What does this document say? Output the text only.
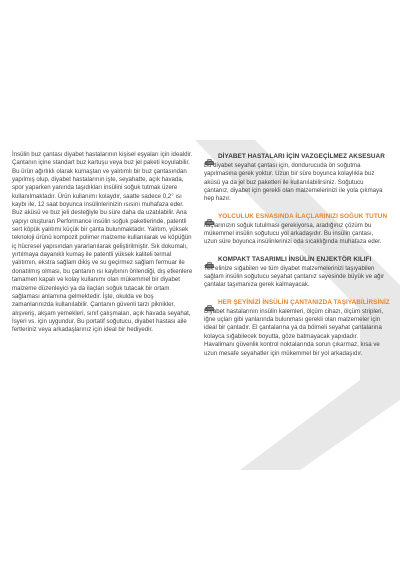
İnsülin buz çantası diyabet hastalarının kişisel eşyaları için idealdir. Çantanın içine standart buz kartuşu veya buz jel paketi koyulabilir. Bu ürün ağırlıklı olarak kumaştan ve yalıtımlı bir buz çantasından yapılmış olup, diyabet hastalarının işte, seyahatte, açık havada, spor yaparken yanında taşıdıkları insülini soğuk tutmak üzere kullanılmaktadır. Ürün kullanımı kolaydır, saatte sadece 0,2° ısı kaybı ile, 12 saat boyunca insülinlerinizin ısısını muhafaza eder. Buz aküsü ve buz jeli desteğiyle bu süre daha da uzatılabilir. Ana yapıyı oluşturan Performance insülin soğuk paketlerinde, patentli sert köpük yalıtımı küçük bir çanta bulunmaktadır. Yalıtım, yüksek teknoloji ürünü kompozit polimer malzeme kullanılarak ve köpüğün iç hücresel yapısından yararlanılarak geliştirilmiştir. Sık dokumalı, yırtılmaya dayanıklı kumaş ile patentli yüksek kaliteli termal yalıtımın, ekstra sağlam dikiş ve su geçirmez sağlam fermuar ile donatılmış olması, bu çantanın ısı kaybının önlendiği, dış etkenlere tamamen kapalı ve kolay kullanımı olan mükemmel bir diyabet malzeme düzenleyici ya da ilaçları soğuk tutacak bir ortam sağlaması anlamına gelmektedir. İşte, okulda ve boş zamanlarınızda kullanılabilir. Çantanın güvenli tarzı piknikler, alışveriş, akşam yemekleri, sınıf çalışmaları, açık havada seyahat, İsyeri vs. için uygundur. Bu portatif soğutucu, diyabet hastası aile fertleriniz veya arkadaşlarınız için ideal bir hediyedir.

DİYABET HASTALARI İÇİN VAZGEÇİLMEZ AKSESUAR

Bu diyabet seyahat çantası için, dondurucuda ön soğutma yapılmasına gerek yoktur. Uzun bir süre boyunca kolaylıkla buz aküsü ya da jel buz paketleri ile kullanılabilirsiniz. Soğutucu çantanız, diyabet için gerekli olan malzemelerinizi ile yola çıkmaya hep hazır.

YOLCULUK ESNASINDA İLAÇLARINIZI SOĞUK TUTUN

İlaçlarınızın soğuk tutulması gerekiyorsa, aradığınız çözüm bu mükemmel insülin soğutucu yol arkadaşıdır. Bu insülin çantası, uzun süre boyunca insülinlerinizi oda sıcaklığında muhafaza eder.

KOMPAKT TASARIMLI İNSÜLİN ENJEKTÖR KILIFI

Tek elinize sığabilen ve tüm diyabet malzemelerinizi taşıyabilen sağlam insülin soğutucu seyahat çantanız sayesinde büyük ve ağır çantalar taşımanıza gerek kalmayacak.

HER ŞEYİNİZİ İNSÜLİN ÇANTANIZDA TAŞIYABİLİRSİNİZ

Diyabet hastalarının insülin kalemleri, ölçüm cihazı, ölçüm stripleri, iğne uçları gibi yanlarında bulunması gerekli olan malzemeler için ideal bir çantadır. El çantalarına ya da bölmeli seyahat çantalarına kolayca sığabilecek boyutta, göze batmayacak yapıdadır. Havalimanı güvenlik kontrol noktalarında sorun çıkarmaz, kısa ve uzun mesafe seyahatler için mükemmel bir yol arkadaşıdır.
